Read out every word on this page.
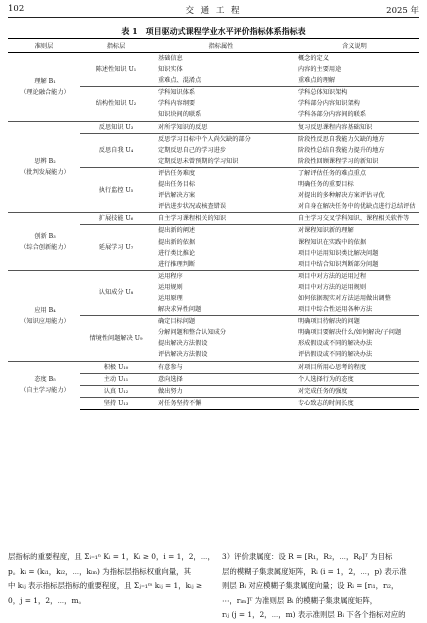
102	交 通 工 程	2025 年
表 1　项目驱动式课程学业水平评价指标体系指标表
准则层	指标层	指标属性	含义说明

理解 B₁
（理论融合能力）	陈述性知识 U₁	基础信息	概念的定义
		知识实体	内容的主要用途
		重难点、混淆点	重难点的理解

	结构性知识 U₂	学科知识体系	学科总体知识架构
		学科内容纲要	学科部分内容知识架构
		知识块间的联系	学科各部分内容间的联系

思辨 B₂
（批判发展能力）	反思知识 U₃	对所学知识的反思	复习反思课程内容基础知识

	反思自我 U₄	反思学习目标中个人尚欠缺的部分	阶段性反思自我能力欠缺的地方
		定期反思自己的学习进步	阶段性总结自我能力提升的地方
		定期反思未曾预期的学习知识	阶段性回顾课程学习的新知识

	执行监控 U₅	评估任务难度	了解评估任务的难点重点
		提出任务目标	明确任务的重要目标
		评估解决方案	对提出的多种解决方案评估寻优
		评估进步状况或核查错误	对自身在解决任务中的优缺点进行总结评估

创新 B₃
（综合创新能力）	扩展技能 U₆	自主学习课程相关的知识	自主学习交叉学科知识、课程相关软件等

	延展学习 U₇	提出新的阐述	对课程知识新的理解
		提出新的依据	课程知识在实践中的依据
		进行类比推论	项目中运用知识类比解决问题
		进行推理判断	项目中结合知识判断部分问题

应用 B₄
（知识应用能力）	认知成分 U₈	运用程序	项目中对方法的运用过程
		运用规则	项目中对方法的运用规则
		运用原理	如何依据现实对方法运用做出调整
		解决求异性问题	项目中综合性运用各种方法

	情境性问题解决 U₉	确定目标问题	明确项目待解决的问题
		分解问题和整合认知成分	明确项目要解决什么/如何解决/子问题
		提出解决方法假设	形成假设或不同的解决办法
		评估解决方法假设	评估假设或不同的解决办法

态度 B₅
（自主学习能力）	积极 U₁₀	有意参与	对项目所用心思考的程度

	主动 U₁₁	意向选择	个人选择行为的态度

	认真 U₁₂	做出努力	对完成任务的强度

	坚持 U₁₃	对任务坚持不懈	专心致志的时间长度

层指标的重要程度，且 Σᵢ₌₁ⁿ Kᵢ = 1，Kᵢ ≥ 0，i = 1，2，⋯，

p。kᵢ = (kᵢ₁，kᵢ₂，⋯，kᵢₘ) 为指标层指标权重向量，其

中 kᵢⱼ 表示指标层指标的重要程度，且 Σⱼ₌₁ᵐ kᵢⱼ = 1，kᵢⱼ ≥

0，j = 1，2，⋯，m。

3）评价隶属度：设 R = [R₁，R₂，⋯，Rₚ]ᵀ 为目标

层的模糊子集隶属度矩阵，Rᵢ (i = 1，2，⋯，p) 表示准

则层 Bᵢ 对应模糊子集隶属度向量；设 Rᵢ = [rᵢ₁，rᵢ₂，

⋯，rᵢₘ]ᵀ 为准则层 Bᵢ 的模糊子集隶属度矩阵，

rᵢⱼ (j = 1，2，⋯，m) 表示准则层 Bᵢ 下各个指标对应的
